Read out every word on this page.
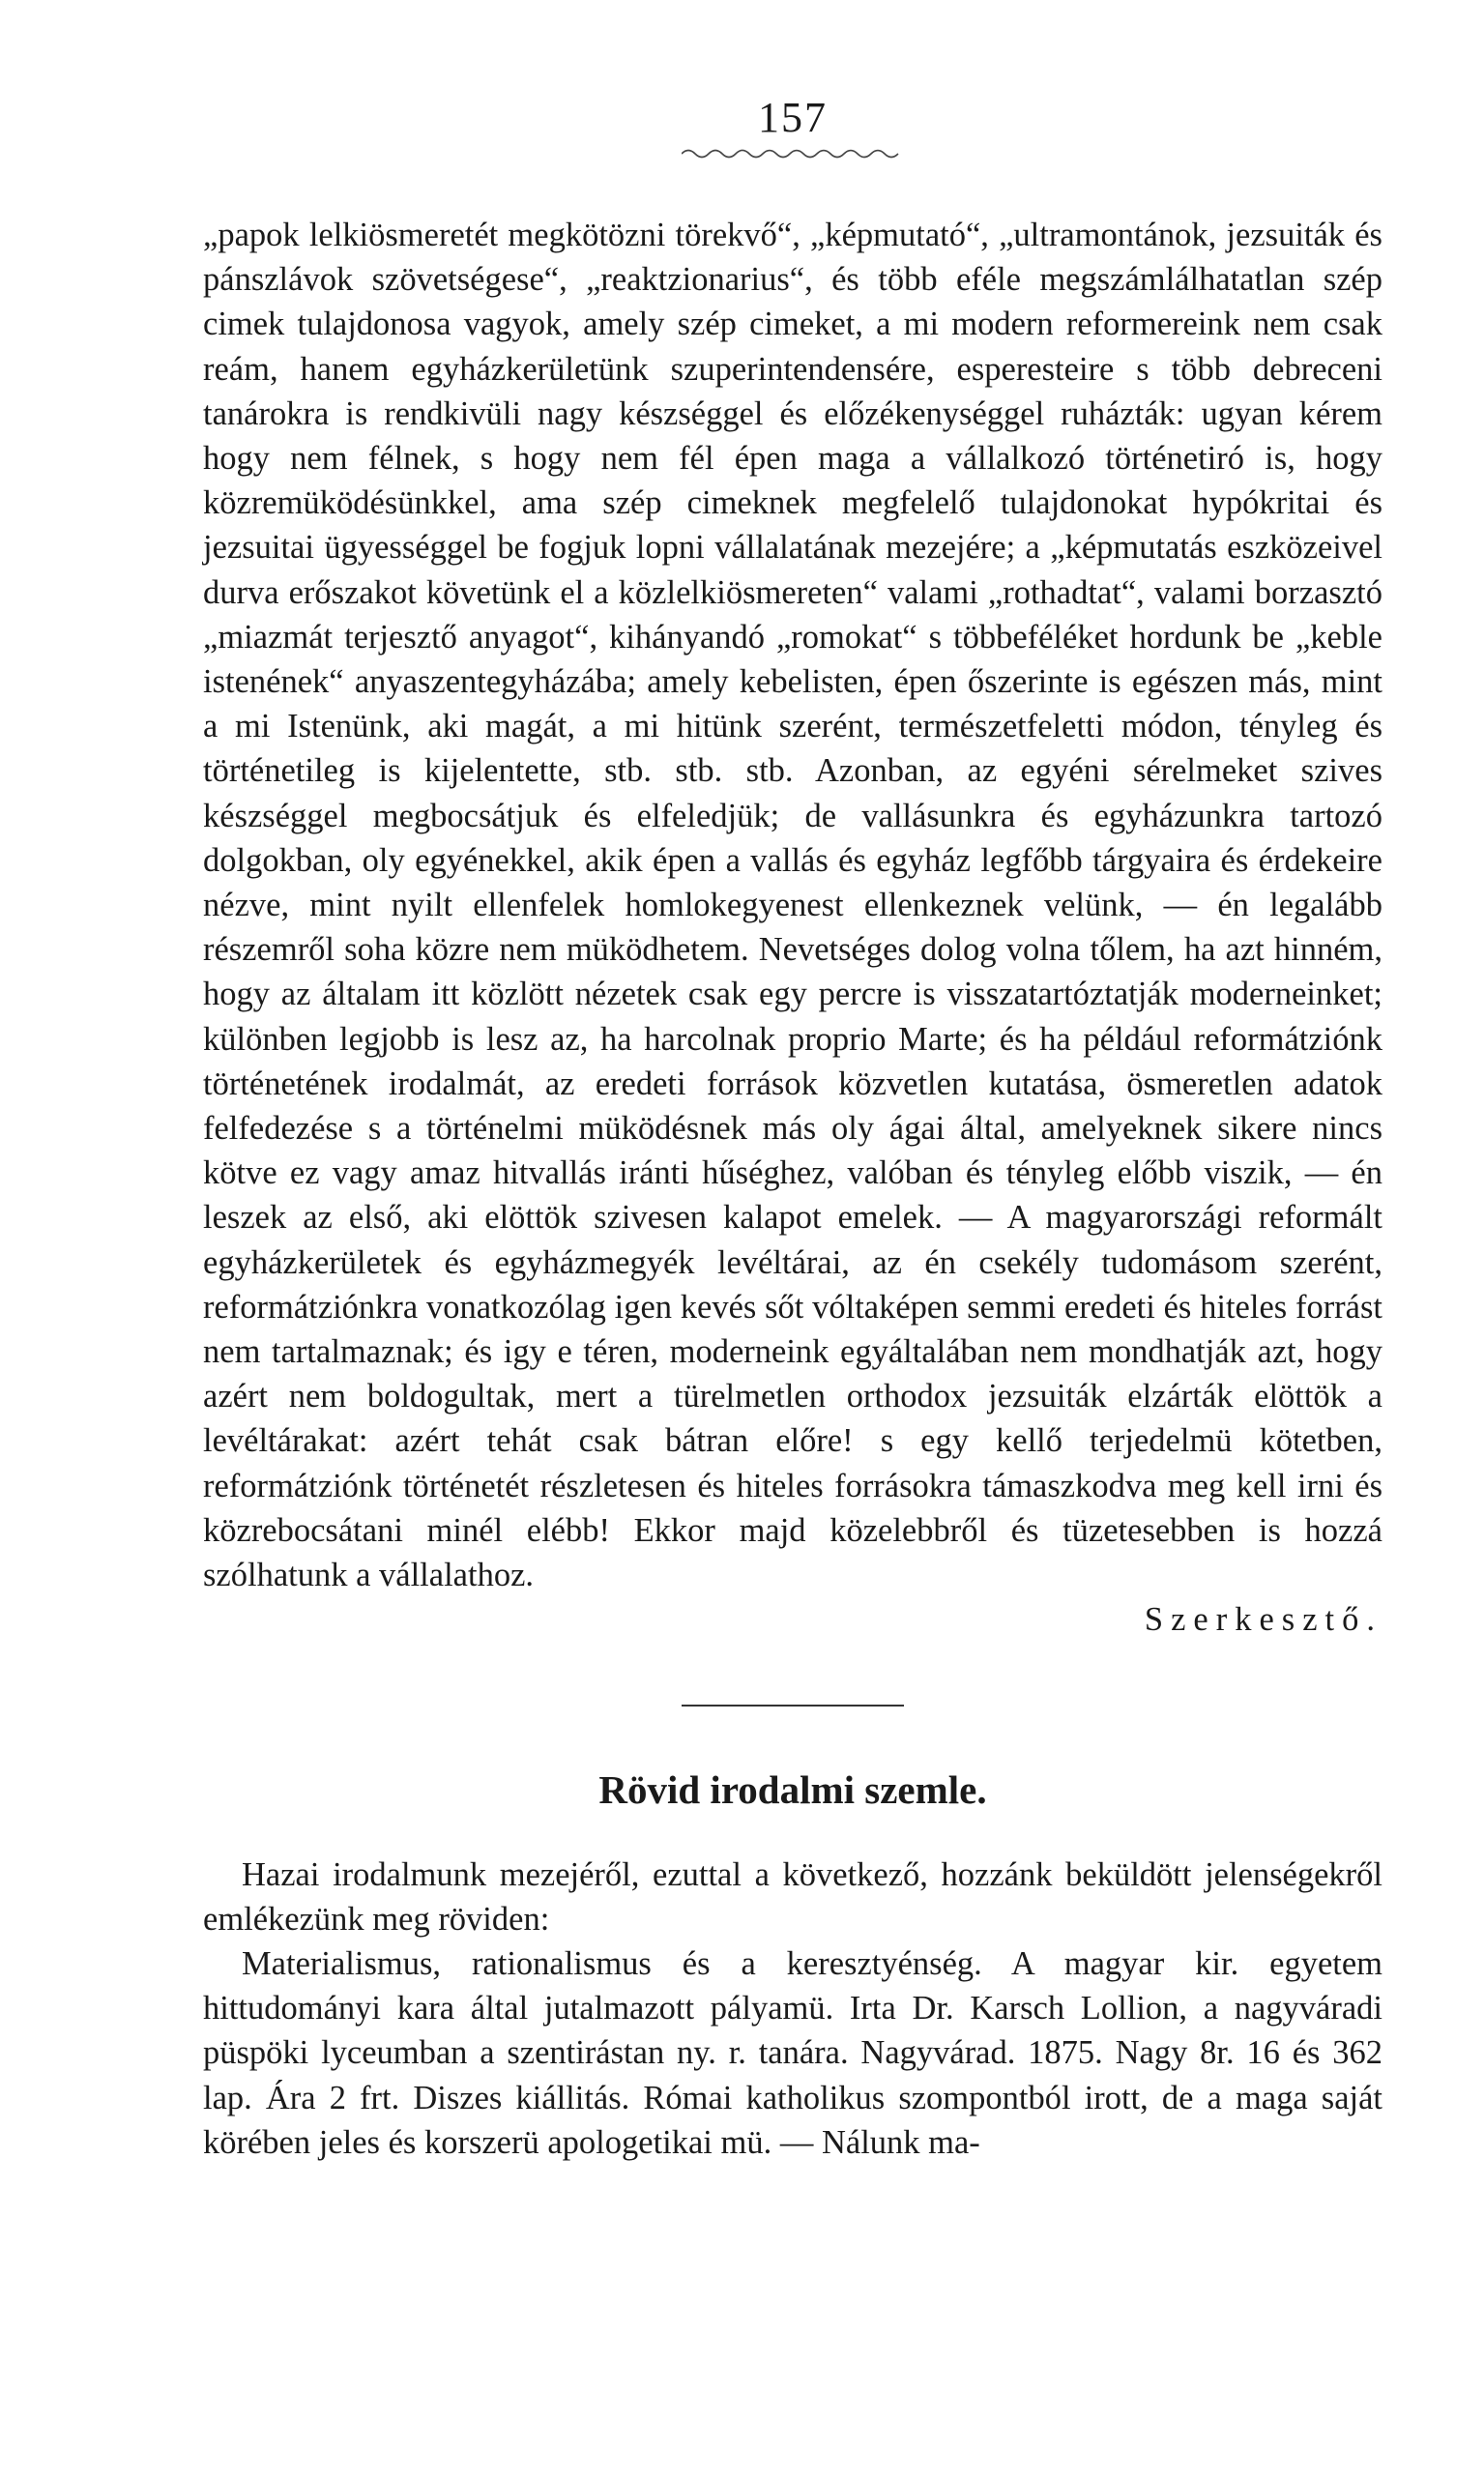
157

„papok lelkiösmeretét megkötözni törekvő“, „képmutató“, „ultramontánok, jezsuiták és pánszlávok szövetségese“, „reaktzionarius“, és több eféle megszámlálhatatlan szép cimek tulajdonosa vagyok, amely szép cimeket, a mi modern reformereink nem csak reám, hanem egyházkerületünk szuperintendensére, esperesteire s több debreceni tanárokra is rendkivüli nagy készséggel és előzékenységgel ruházták: ugyan kérem hogy nem félnek, s hogy nem fél épen maga a vállalkozó történetiró is, hogy közremüködésünkkel, ama szép cimeknek megfelelő tulajdonokat hypókritai és jezsuitai ügyességgel be fogjuk lopni vállalatának mezejére; a „képmutatás eszközeivel durva erőszakot követünk el a közlelkiösmereten“ valami „rothadtat“, valami borzasztó „miazmát terjesztő anyagot“, kihányandó „romokat“ s többeféléket hordunk be „keble istenének“ anyaszentegyházába; amely kebelisten, épen őszerinte is egészen más, mint a mi Istenünk, aki magát, a mi hitünk szerént, természetfeletti módon, tényleg és történetileg is kijelentette, stb. stb. stb. Azonban, az egyéni sérelmeket szives készséggel megbocsátjuk és elfeledjük; de vallásunkra és egyházunkra tartozó dolgokban, oly egyénekkel, akik épen a vallás és egyház legfőbb tárgyaira és érdekeire nézve, mint nyilt ellenfelek homlokegyenest ellenkeznek velünk, — én legalább részemről soha közre nem müködhetem. Nevetséges dolog volna tőlem, ha azt hinném, hogy az általam itt közlött nézetek csak egy percre is visszatartóztatják moderneinket; különben legjobb is lesz az, ha harcolnak proprio Marte; és ha például reformátziónk történetének irodalmát, az eredeti források közvetlen kutatása, ösmeretlen adatok felfedezése s a történelmi müködésnek más oly ágai által, amelyeknek sikere nincs kötve ez vagy amaz hitvallás iránti hűséghez, valóban és tényleg előbb viszik, — én leszek az első, aki elöttök szivesen kalapot emelek. — A magyarországi reformált egyházkerületek és egyházmegyék levéltárai, az én csekély tudomásom szerént, reformátziónkra vonatkozólag igen kevés sőt vóltaképen semmi eredeti és hiteles forrást nem tartalmaznak; és igy e téren, moderneink egyáltalában nem mondhatják azt, hogy azért nem boldogultak, mert a türelmetlen orthodox jezsuiták elzárták elöttök a levéltárakat: azért tehát csak bátran előre! s egy kellő terjedelmü kötetben, reformátziónk történetét részletesen és hiteles forrásokra támaszkodva meg kell irni és közrebocsátani minél elébb! Ekkor majd közelebbről és tüzetesebben is hozzá szólhatunk a vállalathoz.

Szerkesztő.
Rövid irodalmi szemle.

Hazai irodalmunk mezejéről, ezuttal a következő, hozzánk beküldött jelenségekről emlékezünk meg röviden:

Materialismus, rationalismus és a keresztyénség. A magyar kir. egyetem hittudományi kara által jutalmazott pályamü. Irta Dr. Karsch Lollion, a nagyváradi püspöki lyceumban a szentirástan ny. r. tanára. Nagyvárad. 1875. Nagy 8r. 16 és 362 lap. Ára 2 frt. Diszes kiállitás. Római katholikus szompontból irott, de a maga saját körében jeles és korszerü apologetikai mü. — Nálunk ma-
